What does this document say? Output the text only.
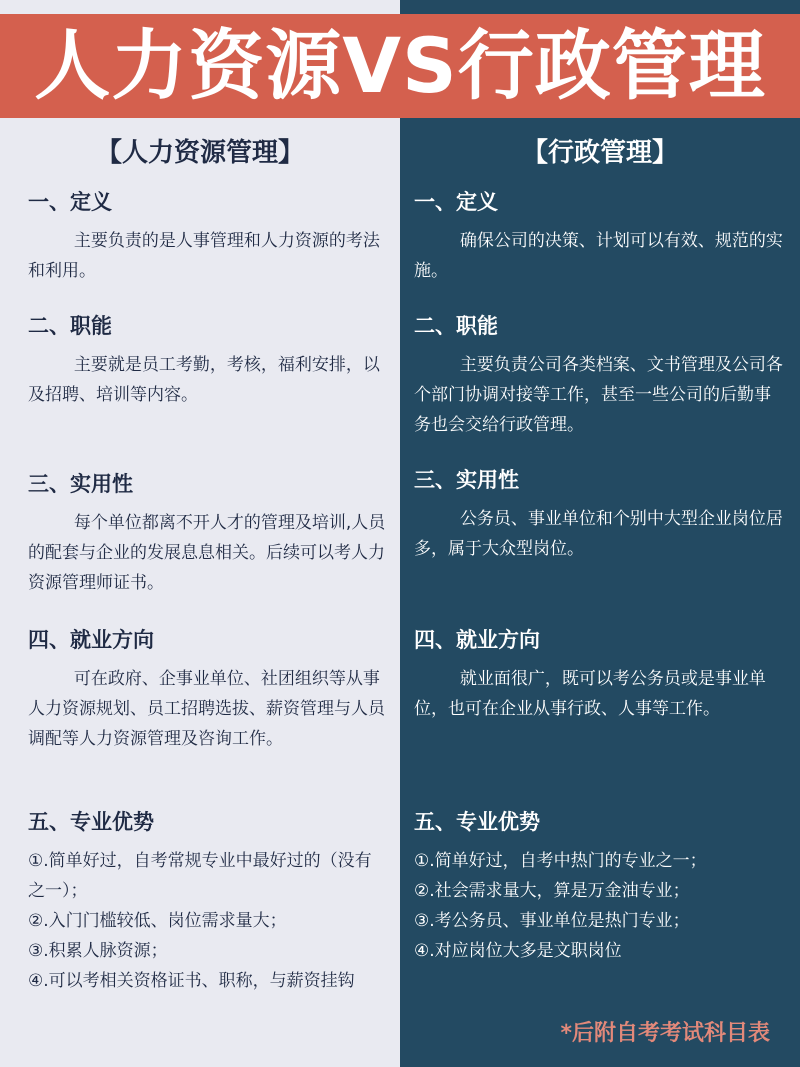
人力资源VS行政管理
【人力资源管理】
一、定义

主要负责的是人事管理和人力资源的考法和利用。

二、职能

主要就是员工考勤，考核，福利安排，以及招聘、培训等内容。

三、实用性

每个单位都离不开人才的管理及培训,人员的配套与企业的发展息息相关。后续可以考人力资源管理师证书。

四、就业方向

可在政府、企事业单位、社团组织等从事人力资源规划、员工招聘选拔、薪资管理与人员调配等人力资源管理及咨询工作。

五、专业优势
①.简单好过，自考常规专业中最好过的（没有之一）；
②.入门门槛较低、岗位需求量大；
③.积累人脉资源；
④.可以考相关资格证书、职称，与薪资挂钩
【行政管理】
一、定义

确保公司的决策、计划可以有效、规范的实施。

二、职能

主要负责公司各类档案、文书管理及公司各个部门协调对接等工作，甚至一些公司的后勤事务也会交给行政管理。

三、实用性

公务员、事业单位和个别中大型企业岗位居多，属于大众型岗位。

四、就业方向

就业面很广，既可以考公务员或是事业单位，也可在企业从事行政、人事等工作。

五、专业优势
①.简单好过，自考中热门的专业之一；
②.社会需求量大，算是万金油专业；
③.考公务员、事业单位是热门专业；
④.对应岗位大多是文职岗位
*后附自考考试科目表
